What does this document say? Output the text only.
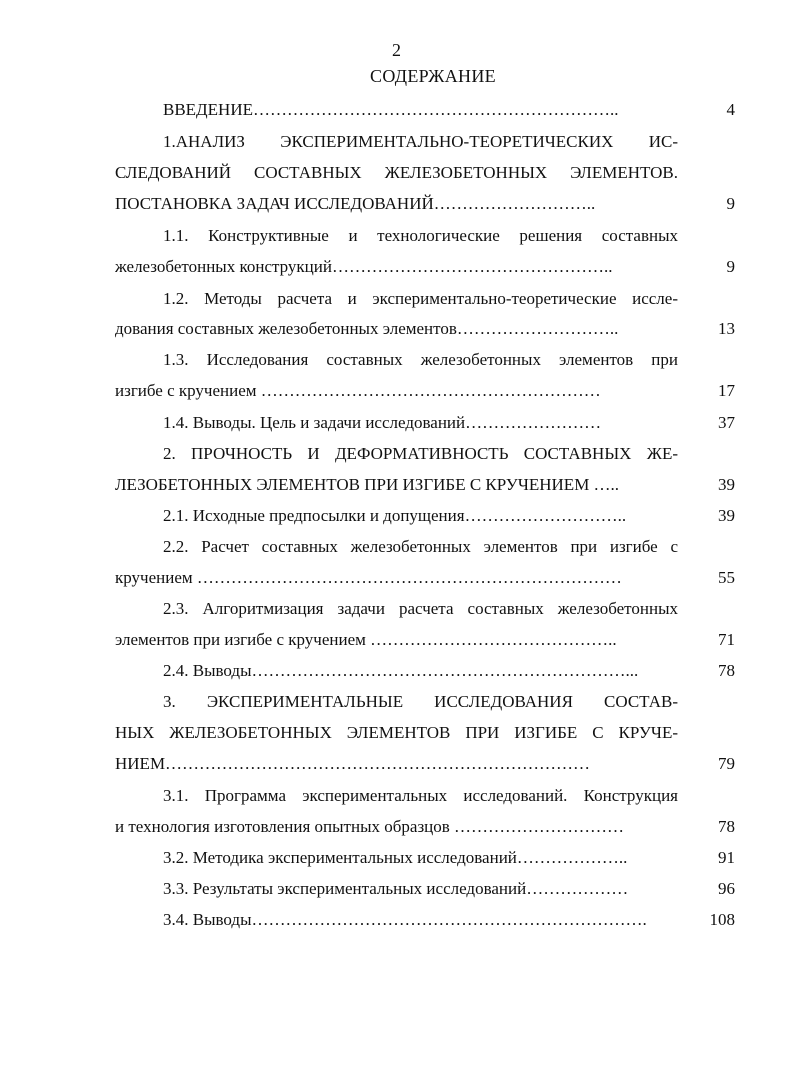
2
СОДЕРЖАНИЕ
ВВЕДЕНИЕ………………………………………………………..	4
1.АНАЛИЗ ЭКСПЕРИМЕНТАЛЬНО-ТЕОРЕТИЧЕСКИХ ИС-
СЛЕДОВАНИЙ СОСТАВНЫХ ЖЕЛЕЗОБЕТОННЫХ ЭЛЕМЕНТОВ.
ПОСТАНОВКА ЗАДАЧ ИССЛЕДОВАНИЙ………………………..	9
1.1. Конструктивные и технологические решения составных
железобетонных конструкций…………………………………………..	9
1.2. Методы расчета и экспериментально-теоретические иссле-
дования составных железобетонных элементов………………………..	13
1.3. Исследования составных железобетонных элементов при
изгибе с кручением ……………………………………………………	17
1.4. Выводы. Цель и задачи исследований……………………	37
2. ПРОЧНОСТЬ И ДЕФОРМАТИВНОСТЬ СОСТАВНЫХ ЖЕ-
ЛЕЗОБЕТОННЫХ ЭЛЕМЕНТОВ ПРИ ИЗГИБЕ С КРУЧЕНИЕМ …..	39
2.1. Исходные предпосылки и допущения………………………..	39
2.2. Расчет составных железобетонных элементов при изгибе с
кручением …………………………………………………………………	55
2.3. Алгоритмизация задачи расчета составных железобетонных
элементов при изгибе с кручением ……………………………………..	71
2.4. Выводы…………………………………………………………...	78
3. ЭКСПЕРИМЕНТАЛЬНЫЕ ИССЛЕДОВАНИЯ СОСТАВ-
НЫХ ЖЕЛЕЗОБЕТОННЫХ ЭЛЕМЕНТОВ ПРИ ИЗГИБЕ С КРУЧЕ-
НИЕМ…………………………………………………………………	79
3.1. Программа экспериментальных исследований. Конструкция
и технология изготовления опытных образцов …………………………	78
3.2. Методика экспериментальных исследований………………..	91
3.3. Результаты экспериментальных исследований………………	96
3.4. Выводы…………………………………………………………….	108
